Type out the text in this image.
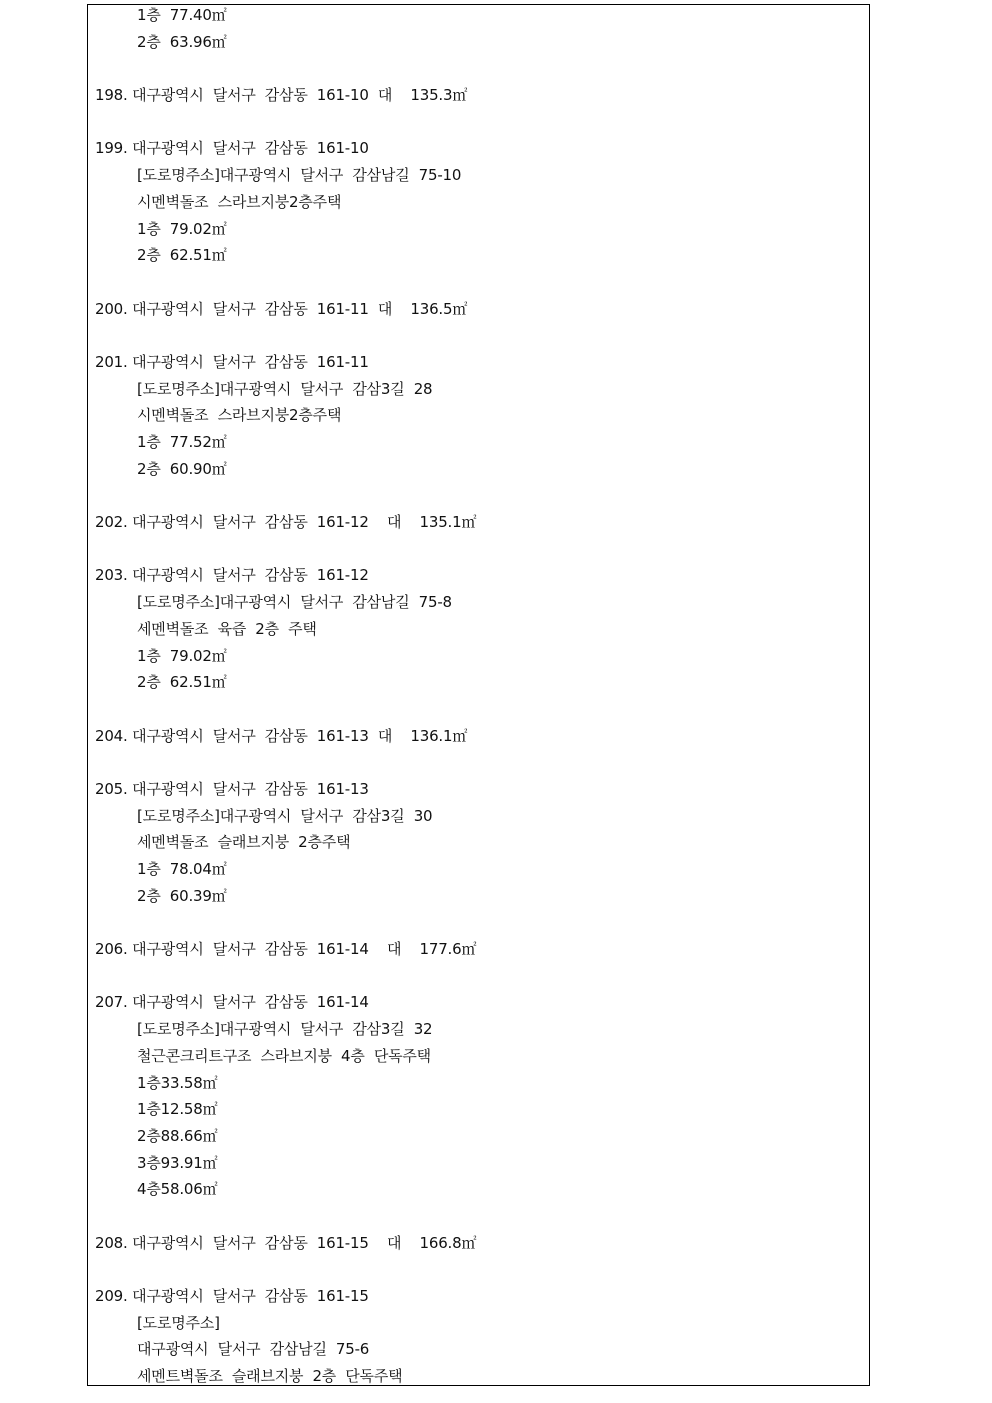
1층  77.40㎡
2층  63.96㎡
198. 대구광역시  달서구  감삼동  161-10  대    135.3㎡
199. 대구광역시  달서구  감삼동  161-10
[도로명주소]대구광역시  달서구  감삼남길  75-10
시멘벽돌조  스라브지붕2층주택
1층  79.02㎡
2층  62.51㎡
200. 대구광역시  달서구  감삼동  161-11  대    136.5㎡
201. 대구광역시  달서구  감삼동  161-11
[도로명주소]대구광역시  달서구  감삼3길  28
시멘벽돌조  스라브지붕2층주택
1층  77.52㎡
2층  60.90㎡
202. 대구광역시  달서구  감삼동  161-12    대    135.1㎡
203. 대구광역시  달서구  감삼동  161-12
[도로명주소]대구광역시  달서구  감삼남길  75-8
세멘벽돌조  육즙  2층  주택
1층  79.02㎡
2층  62.51㎡
204. 대구광역시  달서구  감삼동  161-13  대    136.1㎡
205. 대구광역시  달서구  감삼동  161-13
[도로명주소]대구광역시  달서구  감삼3길  30
세멘벽돌조  슬래브지붕  2층주택
1층  78.04㎡
2층  60.39㎡
206. 대구광역시  달서구  감삼동  161-14    대    177.6㎡
207. 대구광역시  달서구  감삼동  161-14
[도로명주소]대구광역시  달서구  감삼3길  32
철근콘크리트구조  스라브지붕  4층  단독주택
1층33.58㎡
1층12.58㎡
2층88.66㎡
3층93.91㎡
4층58.06㎡
208. 대구광역시  달서구  감삼동  161-15    대    166.8㎡
209. 대구광역시  달서구  감삼동  161-15
[도로명주소]
대구광역시  달서구  감삼남길  75-6
세멘트벽돌조  슬래브지붕  2층  단독주택
